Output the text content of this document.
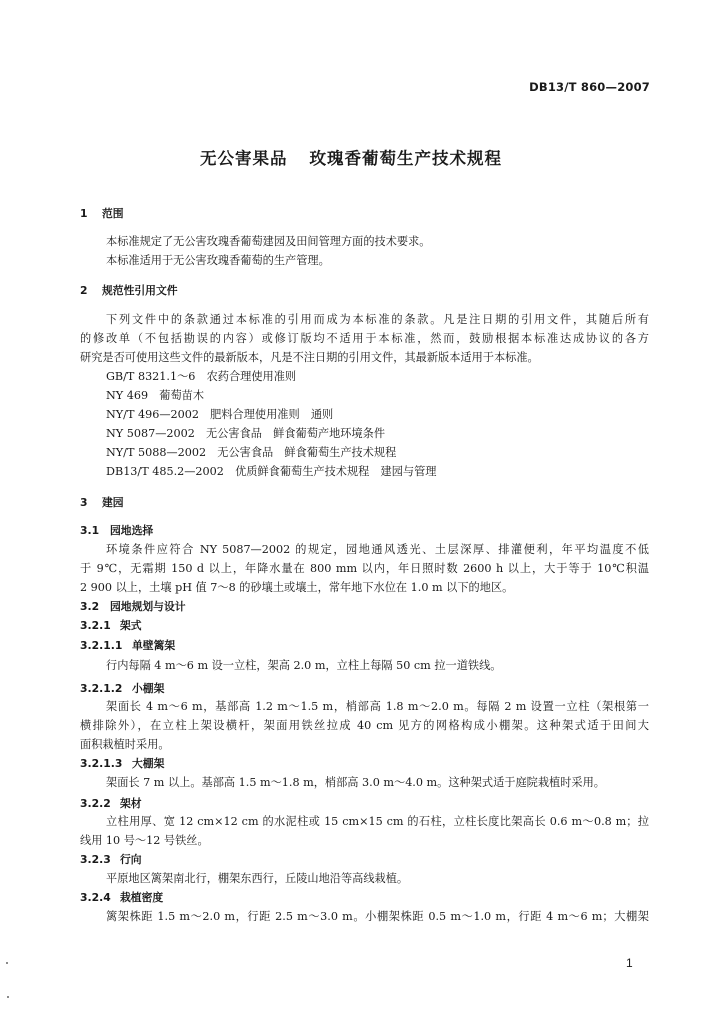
DB13/T 860—2007
无公害果品 玫瑰香葡萄生产技术规程
1 范围
本标准规定了无公害玫瑰香葡萄建园及田间管理方面的技术要求。
本标准适用于无公害玫瑰香葡萄的生产管理。
2 规范性引用文件
下列文件中的条款通过本标准的引用而成为本标准的条款。凡是注日期的引用文件，其随后所有
的修改单（不包括勘误的内容）或修订版均不适用于本标准，然而，鼓励根据本标准达成协议的各方
研究是否可使用这些文件的最新版本，凡是不注日期的引用文件，其最新版本适用于本标准。
GB/T 8321.1～6　农药合理使用准则
NY 469　葡萄苗木
NY/T 496—2002　肥料合理使用准则　通则
NY 5087—2002　无公害食品　鲜食葡萄产地环境条件
NY/T 5088—2002　无公害食品　鲜食葡萄生产技术规程
DB13/T 485.2—2002　优质鲜食葡萄生产技术规程　建园与管理
3 建园
3.1 园地选择
环境条件应符合 NY 5087—2002 的规定，园地通风透光、土层深厚、排灌便利，年平均温度不低
于 9℃，无霜期 150 d 以上，年降水量在 800 mm 以内，年日照时数 2600 h 以上，大于等于 10℃积温
2 900 以上，土壤 pH 值 7～8 的砂壤土或壤土，常年地下水位在 1.0 m 以下的地区。
3.2 园地规划与设计
3.2.1 架式
3.2.1.1 单壁篱架
行内每隔 4 m～6 m 设一立柱，架高 2.0 m，立柱上每隔 50 cm 拉一道铁线。
3.2.1.2 小棚架
架面长 4 m～6 m，基部高 1.2 m～1.5 m，梢部高 1.8 m～2.0 m。每隔 2 m 设置一立柱（架根第一
横排除外），在立柱上架设横杆，架面用铁丝拉成 40 cm 见方的网格构成小棚架。这种架式适于田间大
面积栽植时采用。
3.2.1.3 大棚架
架面长 7 m 以上。基部高 1.5 m～1.8 m，梢部高 3.0 m～4.0 m。这种架式适于庭院栽植时采用。
3.2.2 架材
立柱用厚、宽 12 cm×12 cm 的水泥柱或 15 cm×15 cm 的石柱，立柱长度比架高长 0.6 m～0.8 m；拉
线用 10 号～12 号铁丝。
3.2.3 行向
平原地区篱架南北行，棚架东西行，丘陵山地沿等高线栽植。
3.2.4 栽植密度
篱架株距 1.5 m～2.0 m，行距 2.5 m～3.0 m。小棚架株距 0.5 m～1.0 m，行距 4 m～6 m；大棚架
1
